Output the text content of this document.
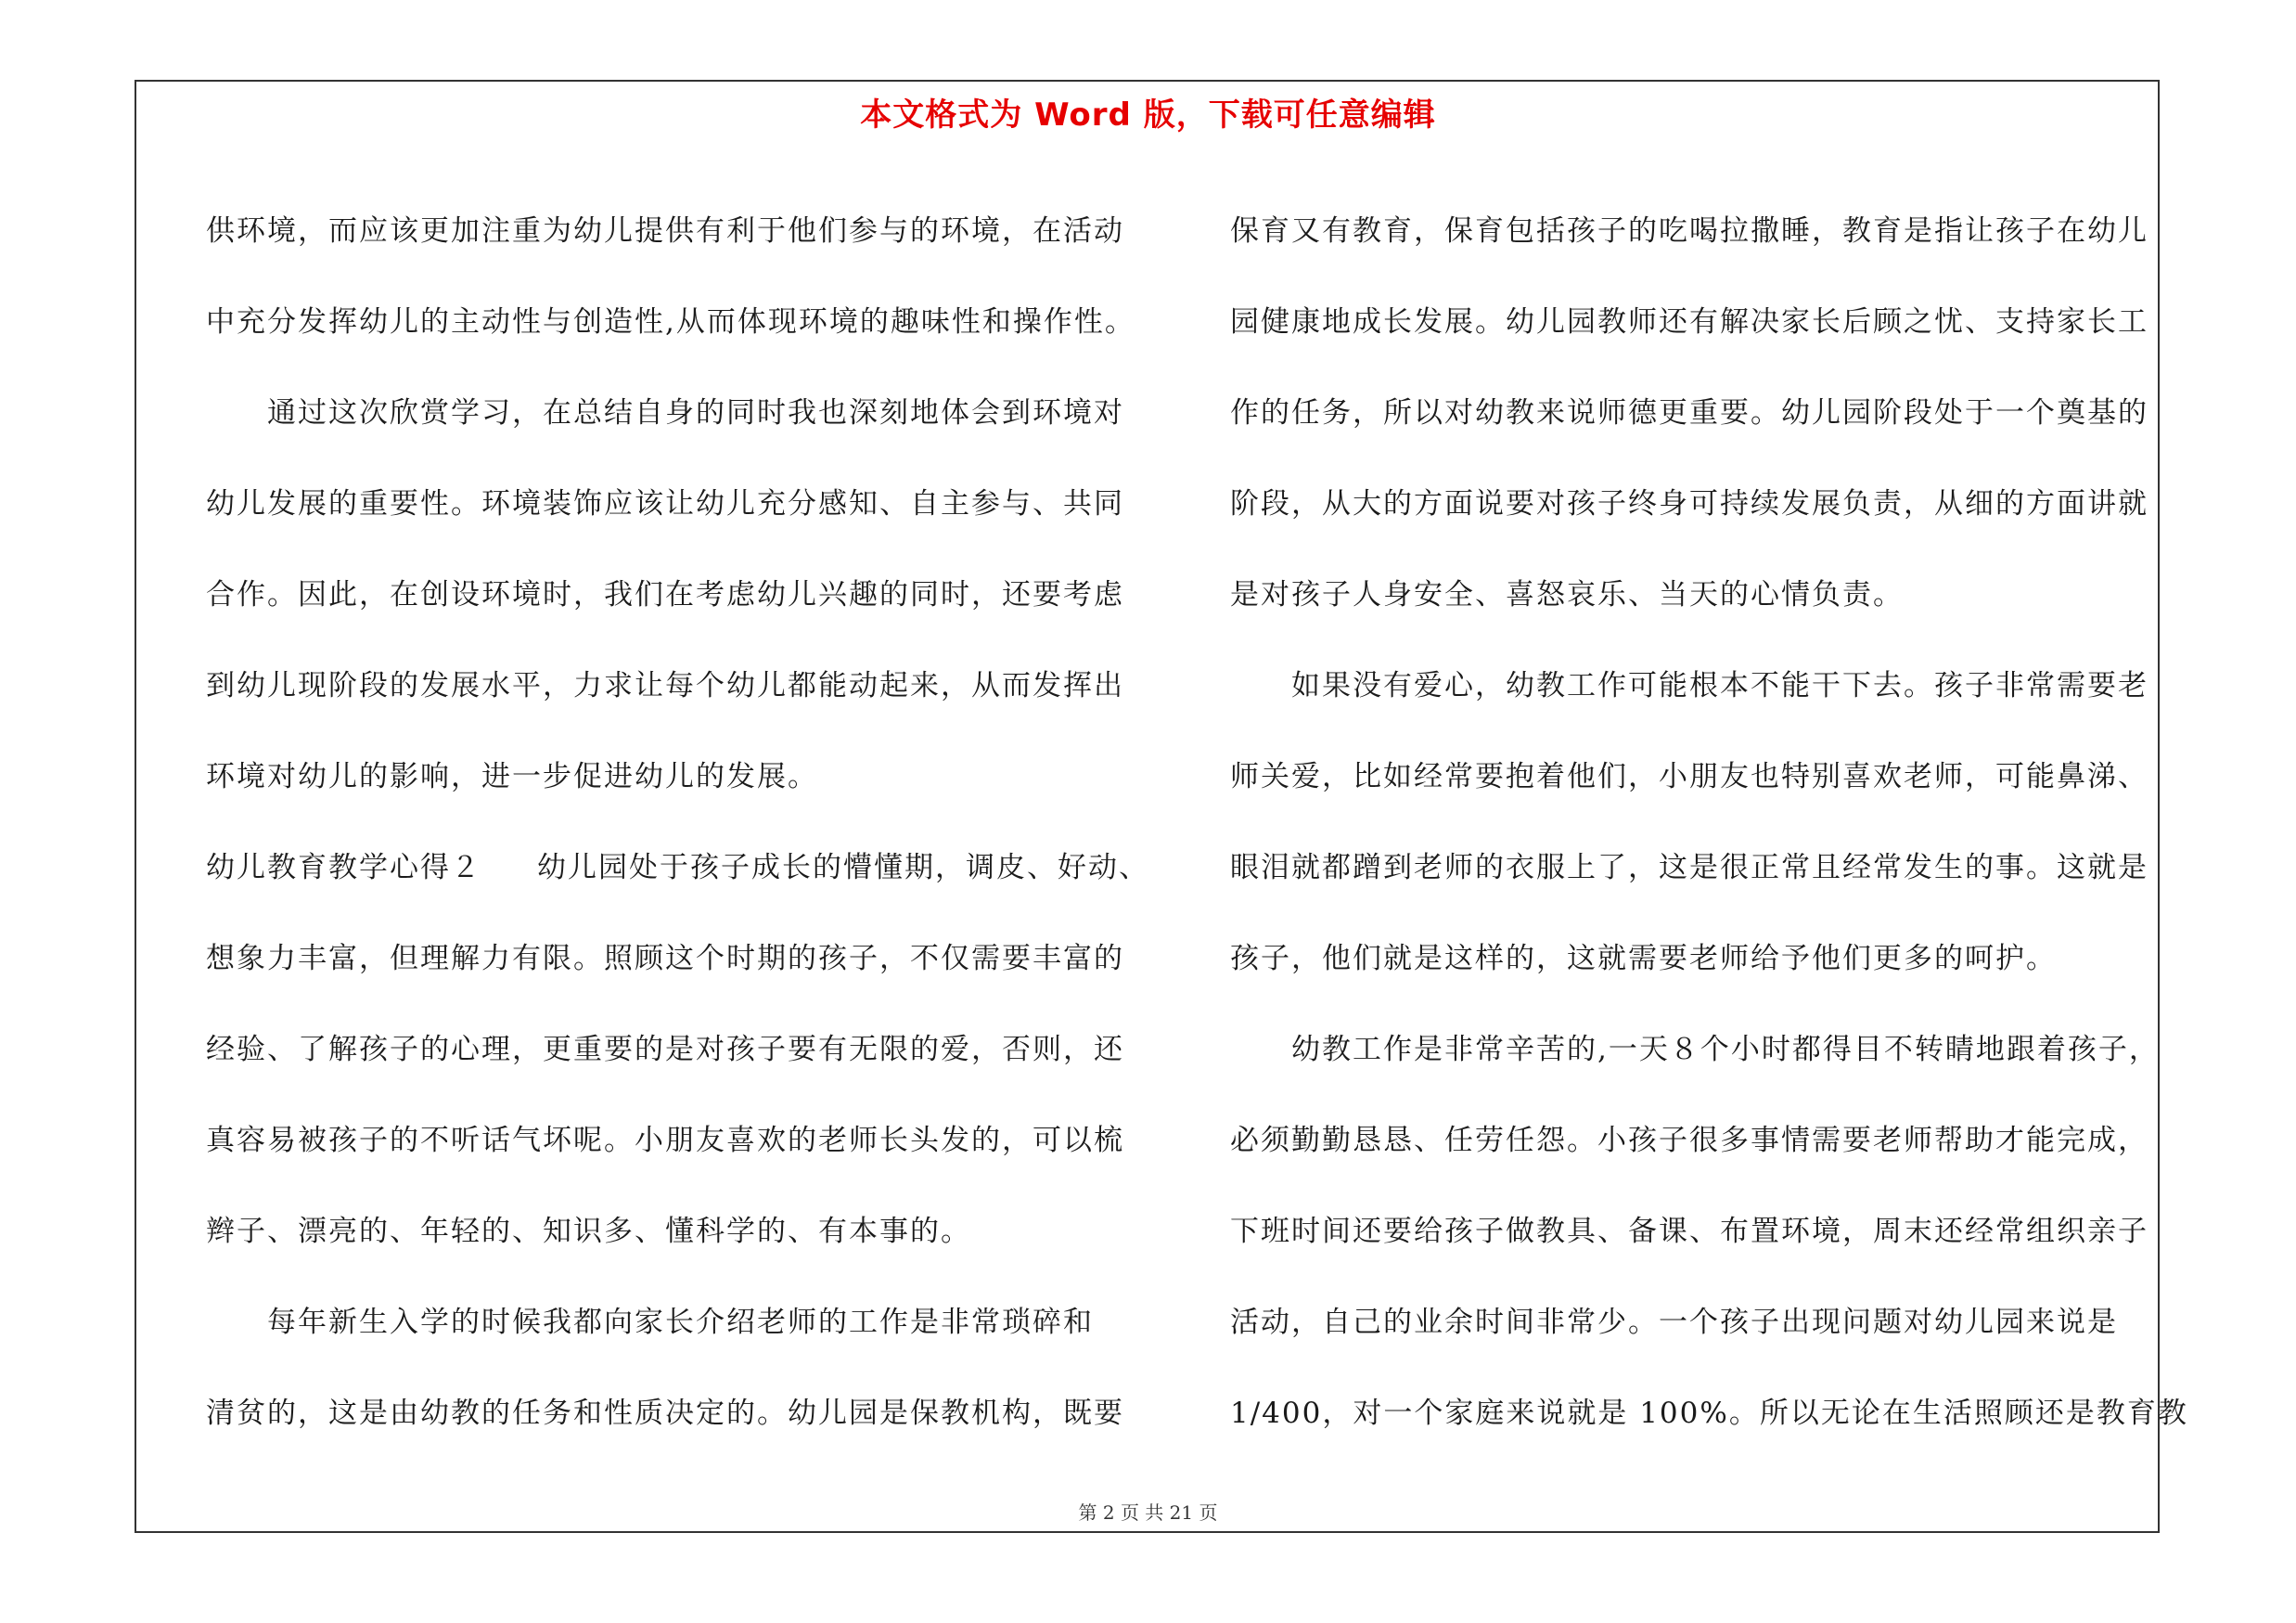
本文格式为 Word 版，下载可任意编辑
供环境，而应该更加注重为幼儿提供有利于他们参与的环境，在活动
中充分发挥幼儿的主动性与创造性,从而体现环境的趣味性和操作性。
通过这次欣赏学习，在总结自身的同时我也深刻地体会到环境对
幼儿发展的重要性。环境装饰应该让幼儿充分感知、自主参与、共同
合作。因此，在创设环境时，我们在考虑幼儿兴趣的同时，还要考虑
到幼儿现阶段的发展水平，力求让每个幼儿都能动起来，从而发挥出
环境对幼儿的影响，进一步促进幼儿的发展。
幼儿教育教学心得２ 幼儿园处于孩子成长的懵懂期，调皮、好动、
想象力丰富，但理解力有限。照顾这个时期的孩子，不仅需要丰富的
经验、了解孩子的心理，更重要的是对孩子要有无限的爱，否则，还
真容易被孩子的不听话气坏呢。小朋友喜欢的老师长头发的，可以梳
辫子、漂亮的、年轻的、知识多、懂科学的、有本事的。
每年新生入学的时候我都向家长介绍老师的工作是非常琐碎和
清贫的，这是由幼教的任务和性质决定的。幼儿园是保教机构，既要
保育又有教育，保育包括孩子的吃喝拉撒睡，教育是指让孩子在幼儿
园健康地成长发展。幼儿园教师还有解决家长后顾之忧、支持家长工
作的任务，所以对幼教来说师德更重要。幼儿园阶段处于一个奠基的
阶段，从大的方面说要对孩子终身可持续发展负责，从细的方面讲就
是对孩子人身安全、喜怒哀乐、当天的心情负责。
如果没有爱心，幼教工作可能根本不能干下去。孩子非常需要老
师关爱，比如经常要抱着他们，小朋友也特别喜欢老师，可能鼻涕、
眼泪就都蹭到老师的衣服上了，这是很正常且经常发生的事。这就是
孩子，他们就是这样的，这就需要老师给予他们更多的呵护。
幼教工作是非常辛苦的,一天８个小时都得目不转睛地跟着孩子，
必须勤勤恳恳、任劳任怨。小孩子很多事情需要老师帮助才能完成，
下班时间还要给孩子做教具、备课、布置环境，周末还经常组织亲子
活动，自己的业余时间非常少。一个孩子出现问题对幼儿园来说是
1/400，对一个家庭来说就是 100%。所以无论在生活照顾还是教育教
第 2 页 共 21 页
